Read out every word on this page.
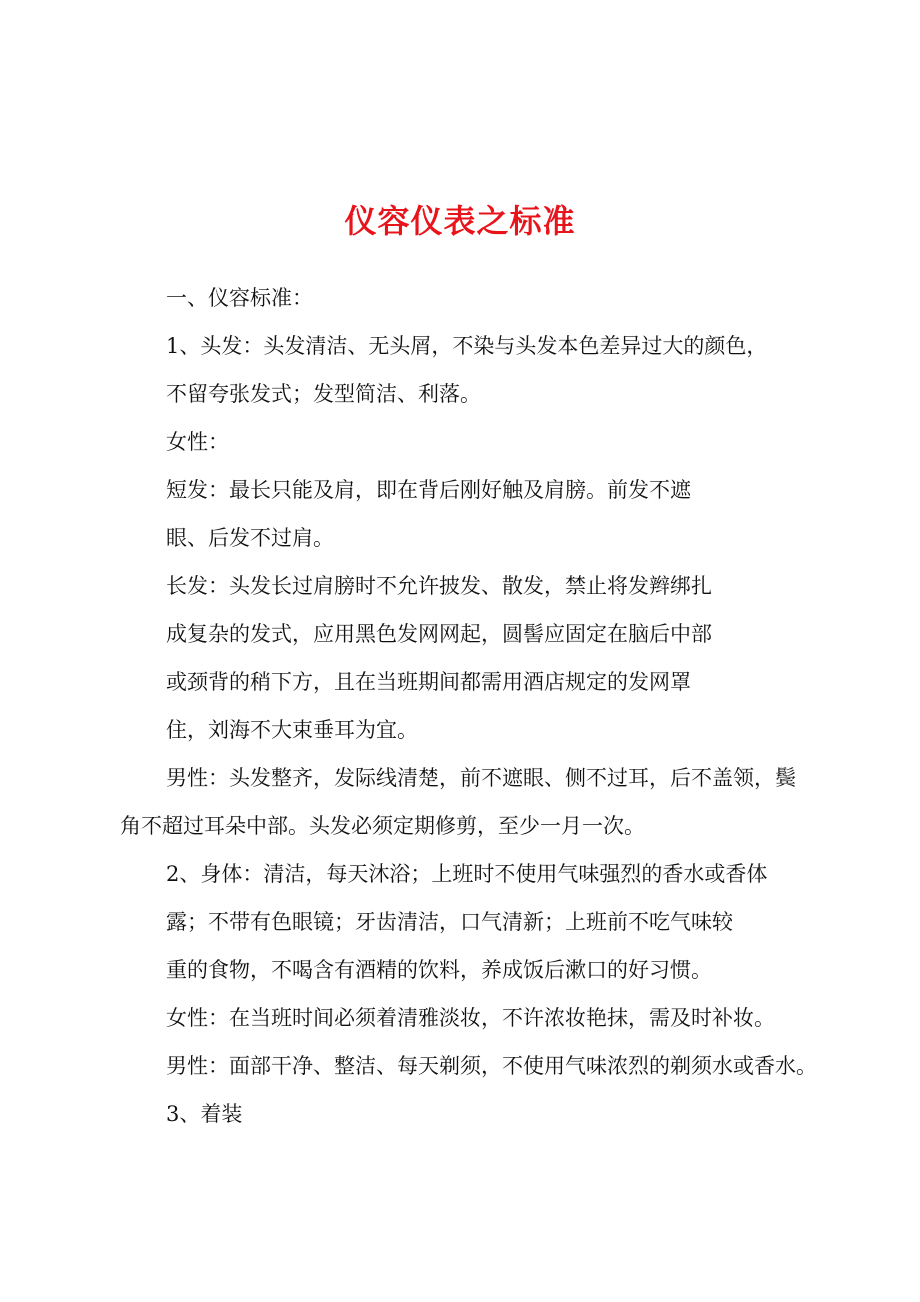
仪容仪表之标准
一、仪容标准：
1、头发：头发清洁、无头屑，不染与头发本色差异过大的颜色，
不留夸张发式；发型简洁、利落。
女性：
短发：最长只能及肩，即在背后刚好触及肩膀。前发不遮
眼、后发不过肩。
长发：头发长过肩膀时不允许披发、散发，禁止将发辫绑扎
成复杂的发式，应用黑色发网网起，圆髻应固定在脑后中部
或颈背的稍下方，且在当班期间都需用酒店规定的发网罩
住，刘海不大束垂耳为宜。
男性：头发整齐，发际线清楚，前不遮眼、侧不过耳，后不盖领，鬓
角不超过耳朵中部。头发必须定期修剪，至少一月一次。
2、身体：清洁，每天沐浴；上班时不使用气味强烈的香水或香体
露；不带有色眼镜；牙齿清洁，口气清新；上班前不吃气味较
重的食物，不喝含有酒精的饮料，养成饭后漱口的好习惯。
女性：在当班时间必须着清雅淡妆，不许浓妆艳抹，需及时补妆。
男性：面部干净、整洁、每天剃须，不使用气味浓烈的剃须水或香水。
3、着装
